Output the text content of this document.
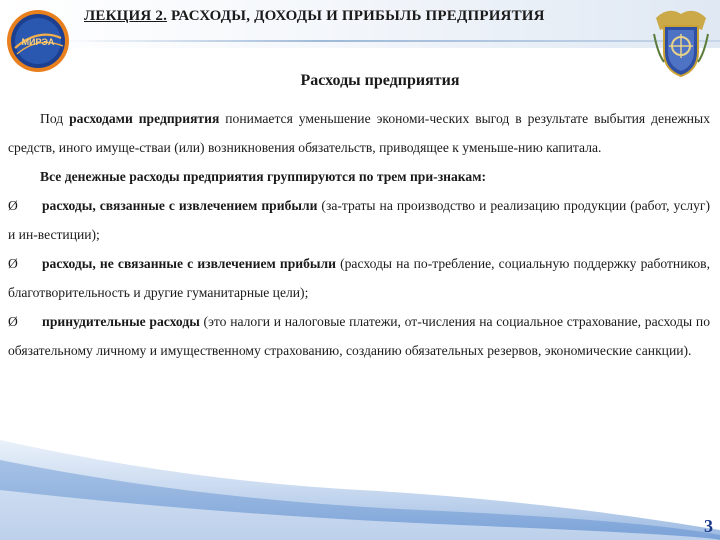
ЛЕКЦИЯ 2. РАСХОДЫ, ДОХОДЫ И ПРИБЫЛЬ ПРЕДПРИЯТИЯ
МИРЭА
Расходы предприятия

Под расходами предприятия понимается уменьшение экономи-ческих выгод в результате выбытия денежных средств, иного имуще-стваи (или) возникновения обязательств, приводящее к уменьше-нию капитала.

Все денежные расходы предприятия группируются по трем при-знакам:

Ø	расходы, связанные с извлечением прибыли (за-траты на производство и реализацию продукции (работ, услуг) и ин-вестиции);

Ø	расходы, не связанные с извлечением прибыли (расходы на по-требление, социальную поддержку работников, благотворительность и другие гуманитарные цели);

Ø	принудительные расходы (это налоги и налоговые платежи, от-числения на социальное страхование, расходы по обязательному личному и имущественному страхованию, созданию обязательных резервов, экономические санкции).

3
